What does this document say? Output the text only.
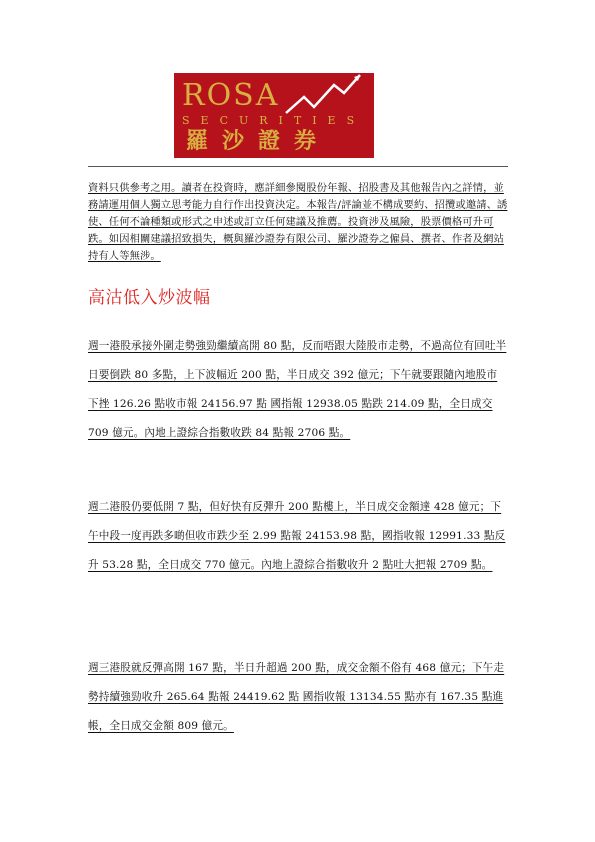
ROSA
SECURITIES
羅沙證券
資料只供參考之用。讀者在投資時，應詳細參閱股份年報、招股書及其他報告內之詳情，並務請運用個人獨立思考能力自行作出投資決定。本報告/評論並不構成要約、招攬或邀請、誘使、任何不論種類或形式之申述或訂立任何建議及推薦。投資涉及風險，股票價格可升可跌。如因相關建議招致損失，概與羅沙證券有限公司、羅沙證券之僱員、撰者、作者及網站持有人等無涉。
高沽低入炒波幅
週一港股承接外圍走勢強勁繼續高開 80 點，反而唔跟大陸股市走勢，不過高位有回吐半日要倒跌 80 多點，上下波幅近 200 點，半日成交 392 億元；下午就要跟隨內地股市下挫 126.26 點收市報 24156.97 點 國指報 12938.05 點跌 214.09 點，全日成交 709 億元。內地上證綜合指數收跌 84 點報 2706 點。
週二港股仍要低開 7 點，但好快有反彈升 200 點樓上，半日成交金額達 428 億元；下午中段一度再跌多啲但收市跌少至 2.99 點報 24153.98 點，國指收報 12991.33 點反升 53.28 點，全日成交 770 億元。內地上證綜合指數收升 2 點吐大把報 2709 點。
週三港股就反彈高開 167 點，半日升超過 200 點，成交金額不俗有 468 億元；下午走勢持續強勁收升 265.64 點報 24419.62 點 國指收報 13134.55 點亦有 167.35 點進帳，全日成交金額 809 億元。
